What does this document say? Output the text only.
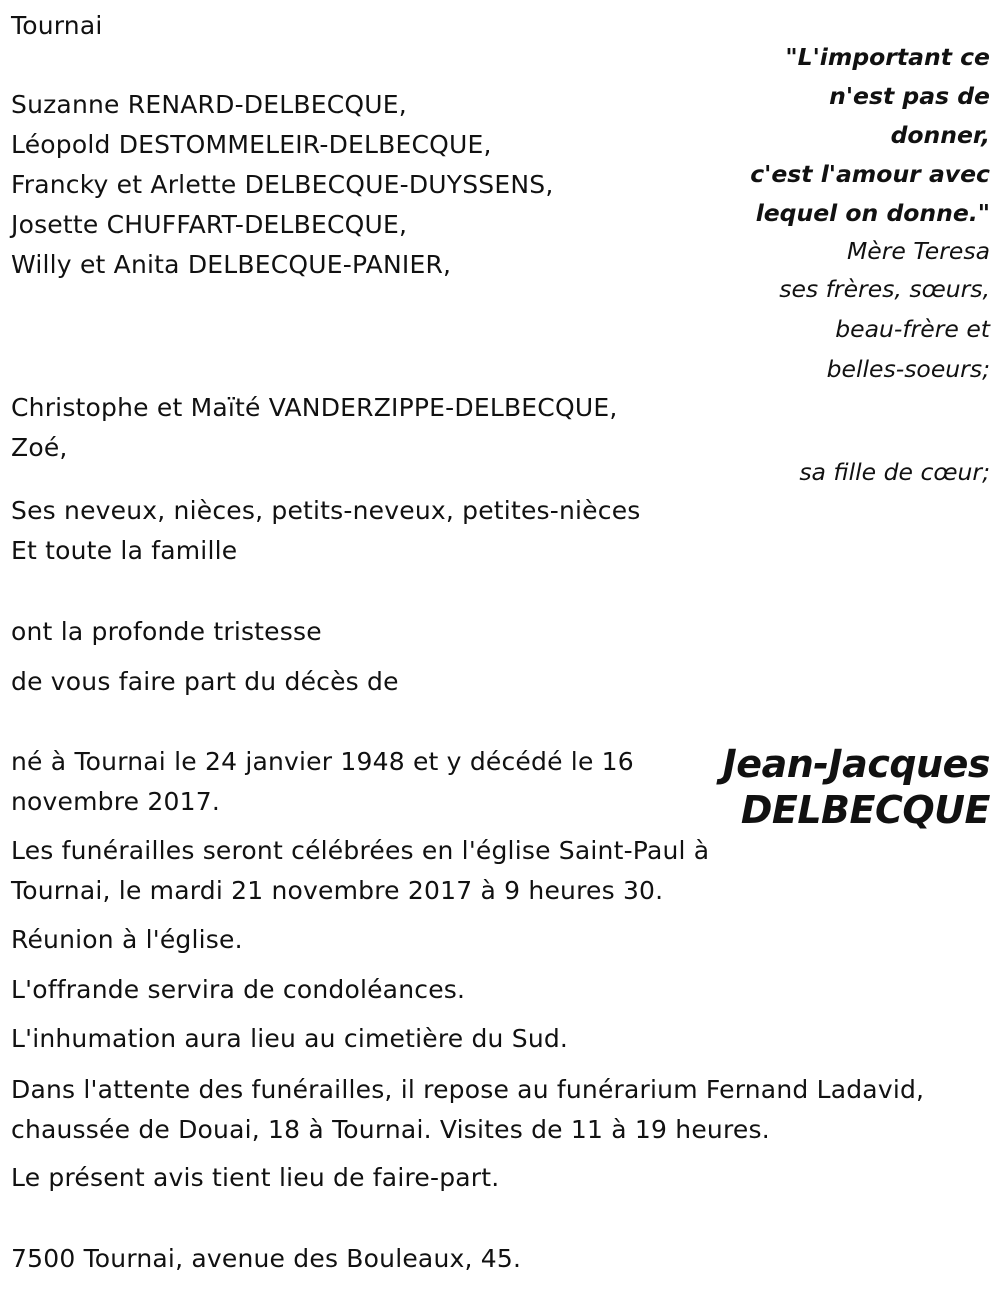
Tournai
"L'important ce
n'est pas de
donner,
c'est l'amour avec
lequel on donne."
Mère Teresa
Suzanne RENARD-DELBECQUE,
Léopold DESTOMMELEIR-DELBECQUE,
Francky et Arlette DELBECQUE-DUYSSENS,
Josette CHUFFART-DELBECQUE,
Willy et Anita DELBECQUE-PANIER,
ses frères, sœurs,
beau-frère et
belles-soeurs;
Christophe et Maïté VANDERZIPPE-DELBECQUE,
Zoé,
sa fille de cœur;
Ses neveux, nièces, petits-neveux, petites-nièces
Et toute la famille
ont la profonde tristesse
de vous faire part du décès de
Jean-Jacques
DELBECQUE
né à Tournai le 24 janvier 1948 et y décédé le 16
novembre 2017.
Les funérailles seront célébrées en l'église Saint-Paul à
Tournai, le mardi 21 novembre 2017 à 9 heures 30.
Réunion à l'église.
L'offrande servira de condoléances.
L'inhumation aura lieu au cimetière du Sud.
Dans l'attente des funérailles, il repose au funérarium Fernand Ladavid,
chaussée de Douai, 18 à Tournai. Visites de 11 à 19 heures.
Le présent avis tient lieu de faire-part.
7500 Tournai, avenue des Bouleaux, 45.
